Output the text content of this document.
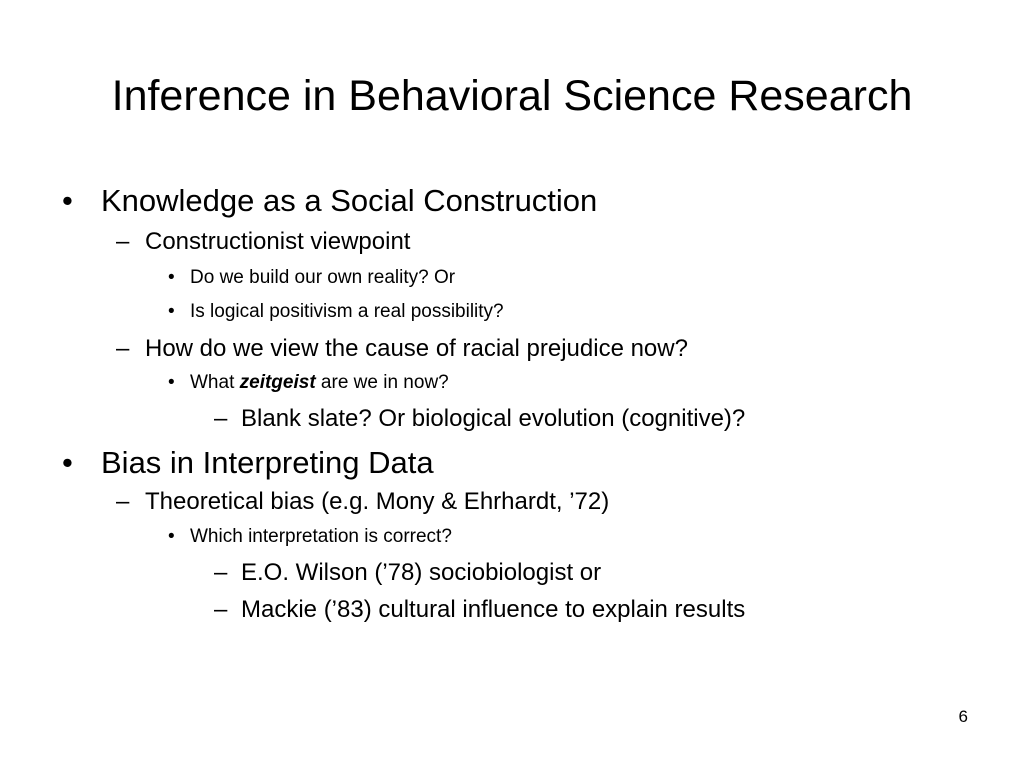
Inference in Behavioral Science Research
• Knowledge as a Social Construction
– Constructionist viewpoint
• Do we build our own reality? Or
• Is logical positivism a real possibility?
– How do we view the cause of racial prejudice now?
• What zeitgeist are we in now?
– Blank slate? Or biological evolution (cognitive)?
• Bias in Interpreting Data
– Theoretical bias (e.g. Mony & Ehrhardt, ’72)
• Which interpretation is correct?
– E.O. Wilson (’78) sociobiologist or
– Mackie (’83) cultural influence to explain results
6
